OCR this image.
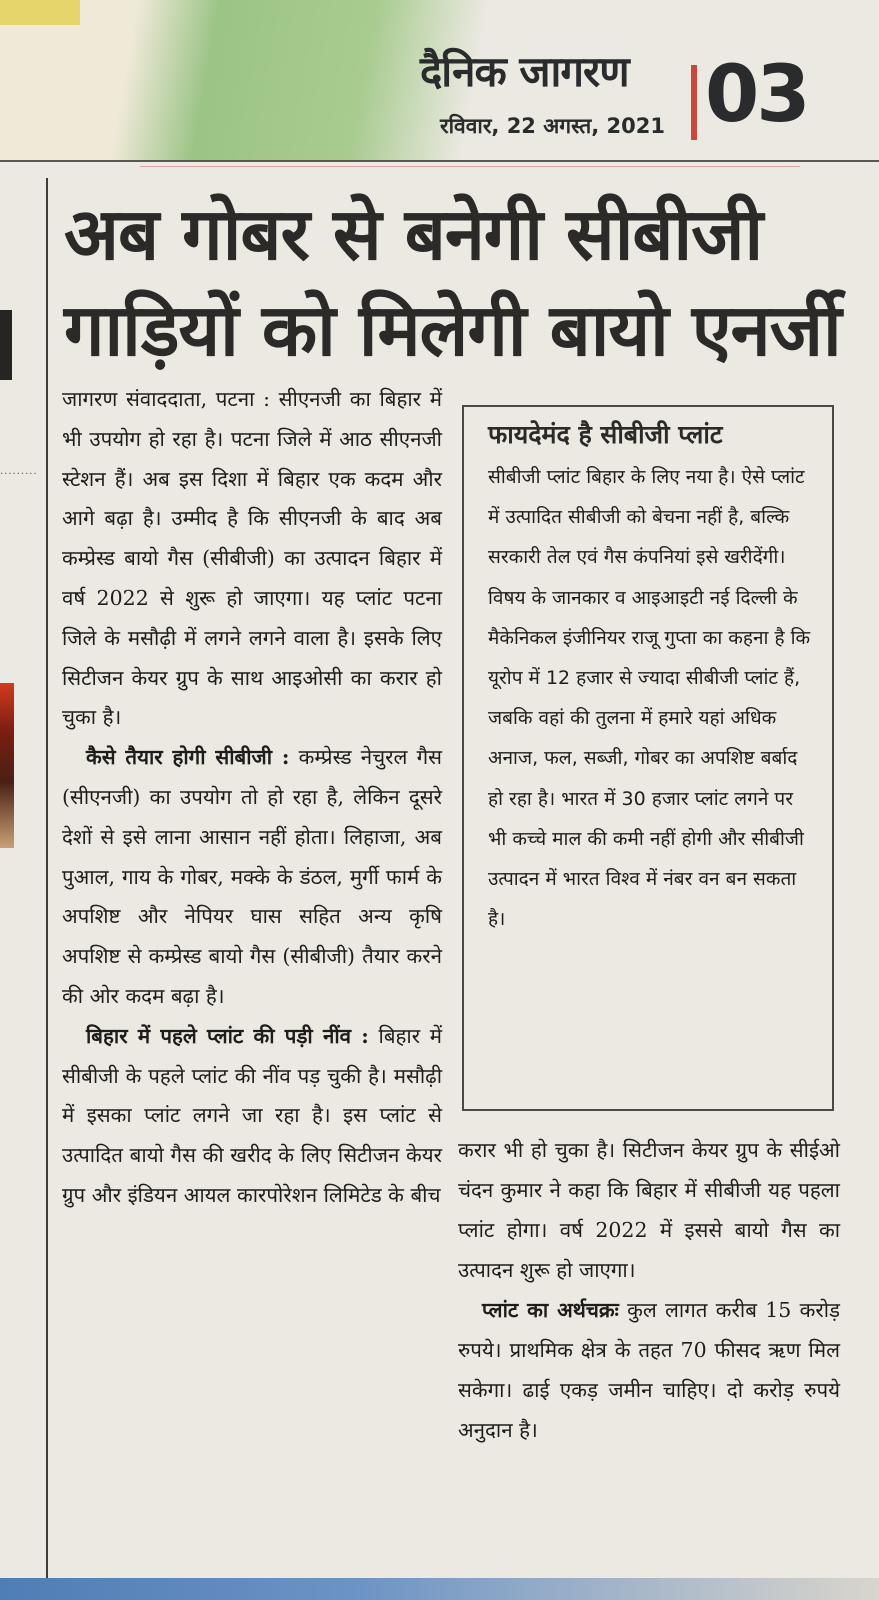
दैनिक जागरण
रविवार, 22 अगस्त, 2021 03
.........
अब गोबर से बनेगी सीबीजी
गाड़ियों को मिलेगी बायो एनर्जी

जागरण संवाददाता, पटना : सीएनजी का बिहार में भी उपयोग हो रहा है। पटना जिले में आठ सीएनजी स्टेशन हैं। अब इस दिशा में बिहार एक कदम और आगे बढ़ा है। उम्मीद है कि सीएनजी के बाद अब कम्प्रेस्ड बायो गैस (सीबीजी) का उत्पादन बिहार में वर्ष 2022 से शुरू हो जाएगा। यह प्लांट पटना जिले के मसौढ़ी में लगने लगने वाला है। इसके लिए सिटीजन केयर ग्रुप के साथ आइओसी का करार हो चुका है।

कैसे तैयार होगी सीबीजी : कम्प्रेस्ड नेचुरल गैस (सीएनजी) का उपयोग तो हो रहा है, लेकिन दूसरे देशों से इसे लाना आसान नहीं होता। लिहाजा, अब पुआल, गाय के गोबर, मक्के के डंठल, मुर्गी फार्म के अपशिष्ट और नेपियर घास सहित अन्य कृषि अपशिष्ट से कम्प्रेस्ड बायो गैस (सीबीजी) तैयार करने की ओर कदम बढ़ा है।

बिहार में पहले प्लांट की पड़ी नींव : बिहार में सीबीजी के पहले प्लांट की नींव पड़ चुकी है। मसौढ़ी में इसका प्लांट लगने जा रहा है। इस प्लांट से उत्पादित बायो गैस की खरीद के लिए सिटीजन केयर ग्रुप और इंडियन आयल कारपोरेशन लिमिटेड के बीच

फायदेमंद है सीबीजी प्लांट

सीबीजी प्लांट बिहार के लिए नया है। ऐसे प्लांट में उत्पादित सीबीजी को बेचना नहीं है, बल्कि सरकारी तेल एवं गैस कंपनियां इसे खरीदेंगी। विषय के जानकार व आइआइटी नई दिल्ली के मैकेनिकल इंजीनियर राजू गुप्ता का कहना है कि यूरोप में 12 हजार से ज्यादा सीबीजी प्लांट हैं, जबकि वहां की तुलना में हमारे यहां अधिक अनाज, फल, सब्जी, गोबर का अपशिष्ट बर्बाद हो रहा है। भारत में 30 हजार प्लांट लगने पर भी कच्चे माल की कमी नहीं होगी और सीबीजी उत्पादन में भारत विश्व में नंबर वन बन सकता है।

करार भी हो चुका है। सिटीजन केयर ग्रुप के सीईओ चंदन कुमार ने कहा कि बिहार में सीबीजी यह पहला प्लांट होगा। वर्ष 2022 में इससे बायो गैस का उत्पादन शुरू हो जाएगा।

प्लांट का अर्थचक्रः कुल लागत करीब 15 करोड़ रुपये। प्राथमिक क्षेत्र के तहत 70 फीसद ऋण मिल सकेगा। ढाई एकड़ जमीन चाहिए। दो करोड़ रुपये अनुदान है।
